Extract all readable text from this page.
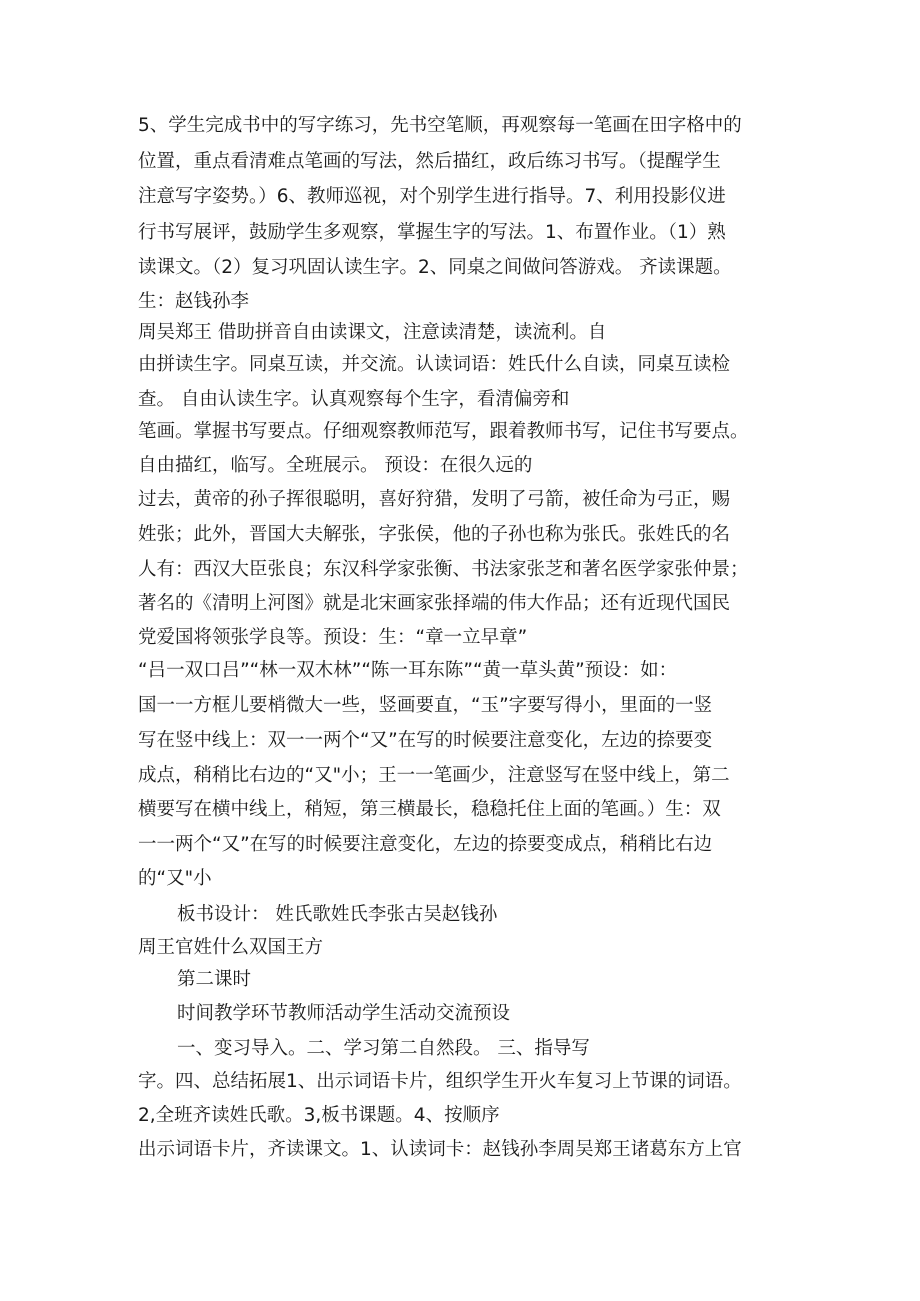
5、学生完成书中的写字练习，先书空笔顺，再观察每一笔画在田字格中的
位置，重点看清难点笔画的写法，然后描红，政后练习书写。（提醒学生
注意写字姿势。）6、教师巡视，对个别学生进行指导。7、利用投影仪进
行书写展评，鼓励学生多观察，掌握生字的写法。1、布置作业。（1）熟
读课文。（2）复习巩固认读生字。2、同桌之间做问答游戏。 齐读课题。
生：赵钱孙李
周吴郑王 借助拼音自由读课文，注意读清楚，读流利。自
由拼读生字。同桌互读，并交流。认读词语：姓氏什么自读，同桌互读检
查。 自由认读生字。认真观察每个生字，看清偏旁和
笔画。掌握书写要点。仔细观察教师范写，跟着教师书写，记住书写要点。
自由描红，临写。全班展示。 预设：在很久远的
过去，黄帝的孙子挥很聪明，喜好狩猎，发明了弓箭，被任命为弓正，赐
姓张；此外，晋国大夫解张，字张侯，他的子孙也称为张氏。张姓氏的名
人有：西汉大臣张良；东汉科学家张衡、书法家张芝和著名医学家张仲景；
著名的《清明上河图》就是北宋画家张择端的伟大作品；还有近现代国民
党爱国将领张学良等。预设：生：“章一立早章”
“吕一双口吕”“林一双木林”“陈一耳东陈”“黄一草头黄”预设：如：
国一一方框儿要梢微大一些，竖画要直，“玉”字要写得小，里面的一竖
写在竖中线上：双一一两个“又”在写的时候要注意变化，左边的捺要变
成点，稍稍比右边的“又"小；王一一笔画少，注意竖写在竖中线上，第二
横要写在横中线上，稍短，第三横最长，稳稳托住上面的笔画。）生：双
一一两个“又”在写的时候要注意变化，左边的捺要变成点，稍稍比右边
的“又"小
板书设计： 姓氏歌姓氏李张古吴赵钱孙
周王官姓什么双国王方
第二课时
时间教学环节教师活动学生活动交流预设
一、变习导入。二、学习第二自然段。 三、指导写
字。四、总结拓展1、出示词语卡片，组织学生开火车复习上节课的词语。
2,全班齐读姓氏歌。3,板书课题。4、按顺序
出示词语卡片，齐读课文。1、认读词卡：赵钱孙李周吴郑王诸葛东方上官
